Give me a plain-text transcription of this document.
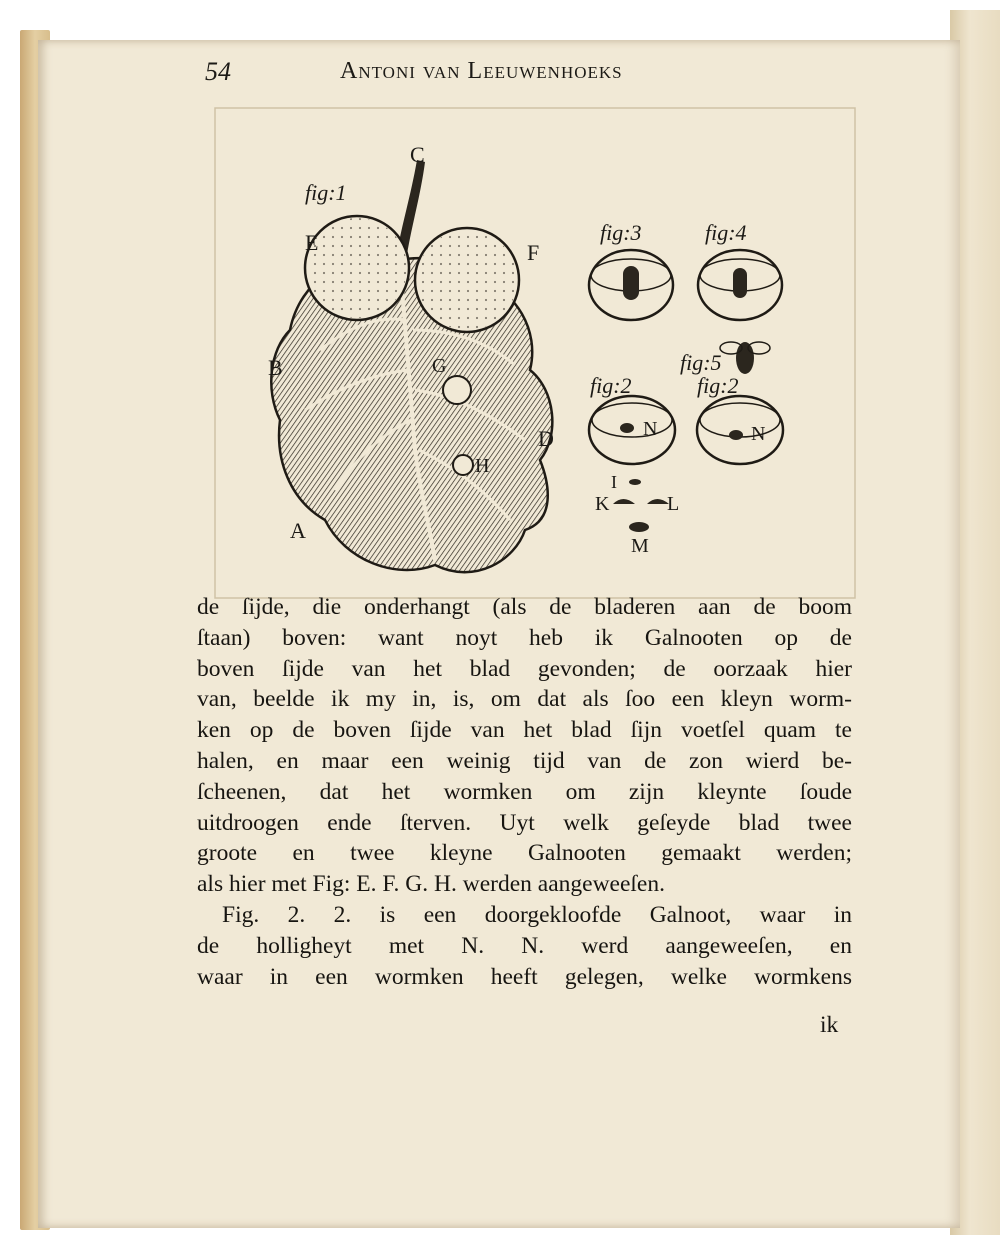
54	Antoni van Leeuwenhoeks
fig:1
fig:3	fig:4
fig:5
fig:2	fig:2
C
E	F
B	G
H
D
A
N	N
I
K	L
M

de ſijde, die onderhangt (als de bladeren aan de boom

ſtaan) boven: want noyt heb ik Galnooten op de

boven ſijde van het blad gevonden; de oorzaak hier

van, beelde ik my in, is, om dat als ſoo een kleyn worm-

ken op de boven ſijde van het blad ſijn voetſel quam te

halen, en maar een weinig tijd van de zon wierd be-

ſcheenen, dat het wormken om zijn kleynte ſoude

uitdroogen ende ſterven. Uyt welk geſeyde blad twee

groote en twee kleyne Galnooten gemaakt werden;

als hier met Fig: E. F. G. H. werden aangeweeſen.

Fig. 2. 2. is een doorgekloofde Galnoot, waar in

de holligheyt met N. N. werd aangeweeſen, en

waar in een wormken heeft gelegen, welke wormkens

ik
